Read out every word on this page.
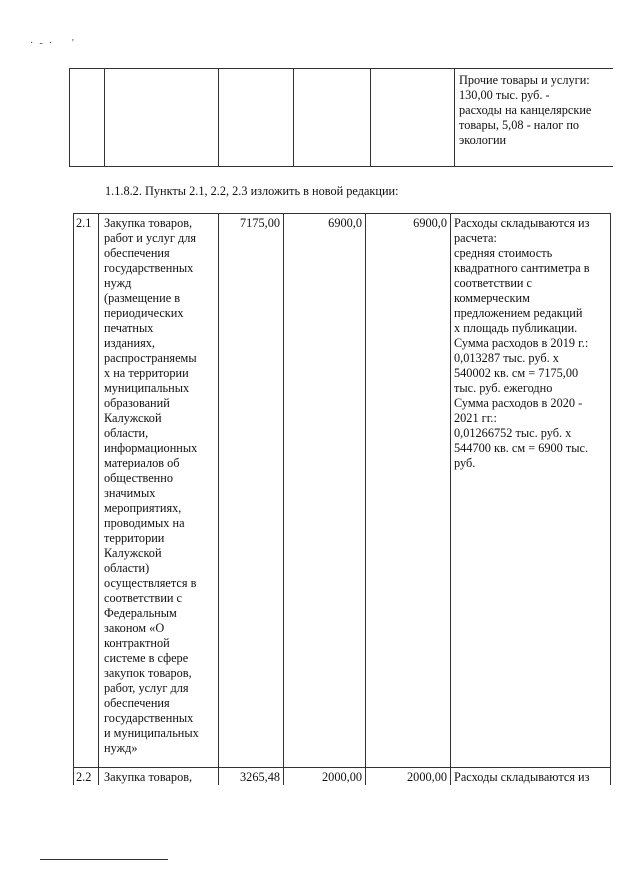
·-· '
Прочие товары и услуги:
130,00 тыс. руб. -
расходы на канцелярские
товары, 5,08 - налог по
экологии
1.1.8.2. Пункты 2.1, 2.2, 2.3 изложить в новой редакции:
2.1	Закупка товаров,
работ и услуг для
обеспечения
государственных
нужд
(размещение в
периодических
печатных
изданиях,
распространяемы
х на территории
муниципальных
образований
Калужской
области,
информационных
материалов об
общественно
значимых
мероприятиях,
проводимых на
территории
Калужской
области)
осуществляется в
соответствии с
Федеральным
законом «О
контрактной
системе в сфере
закупок товаров,
работ, услуг для
обеспечения
государственных
и муниципальных
нужд»
7175,00	6900,0	6900,0 Расходы складываются из
расчета:
средняя стоимость
квадратного сантиметра в
соответствии с
коммерческим
предложением редакций
х площадь публикации.
Сумма расходов в 2019 г.:
0,013287 тыс. руб. х
540002 кв. см = 7175,00
тыс. руб. ежегодно
Сумма расходов в 2020 -
2021 гг.:
0,01266752 тыс. руб. х
544700 кв. см = 6900 тыс.
руб.
2.2	Закупка товаров,	3265,48	2000,00	2000,00 Расходы складываются из
